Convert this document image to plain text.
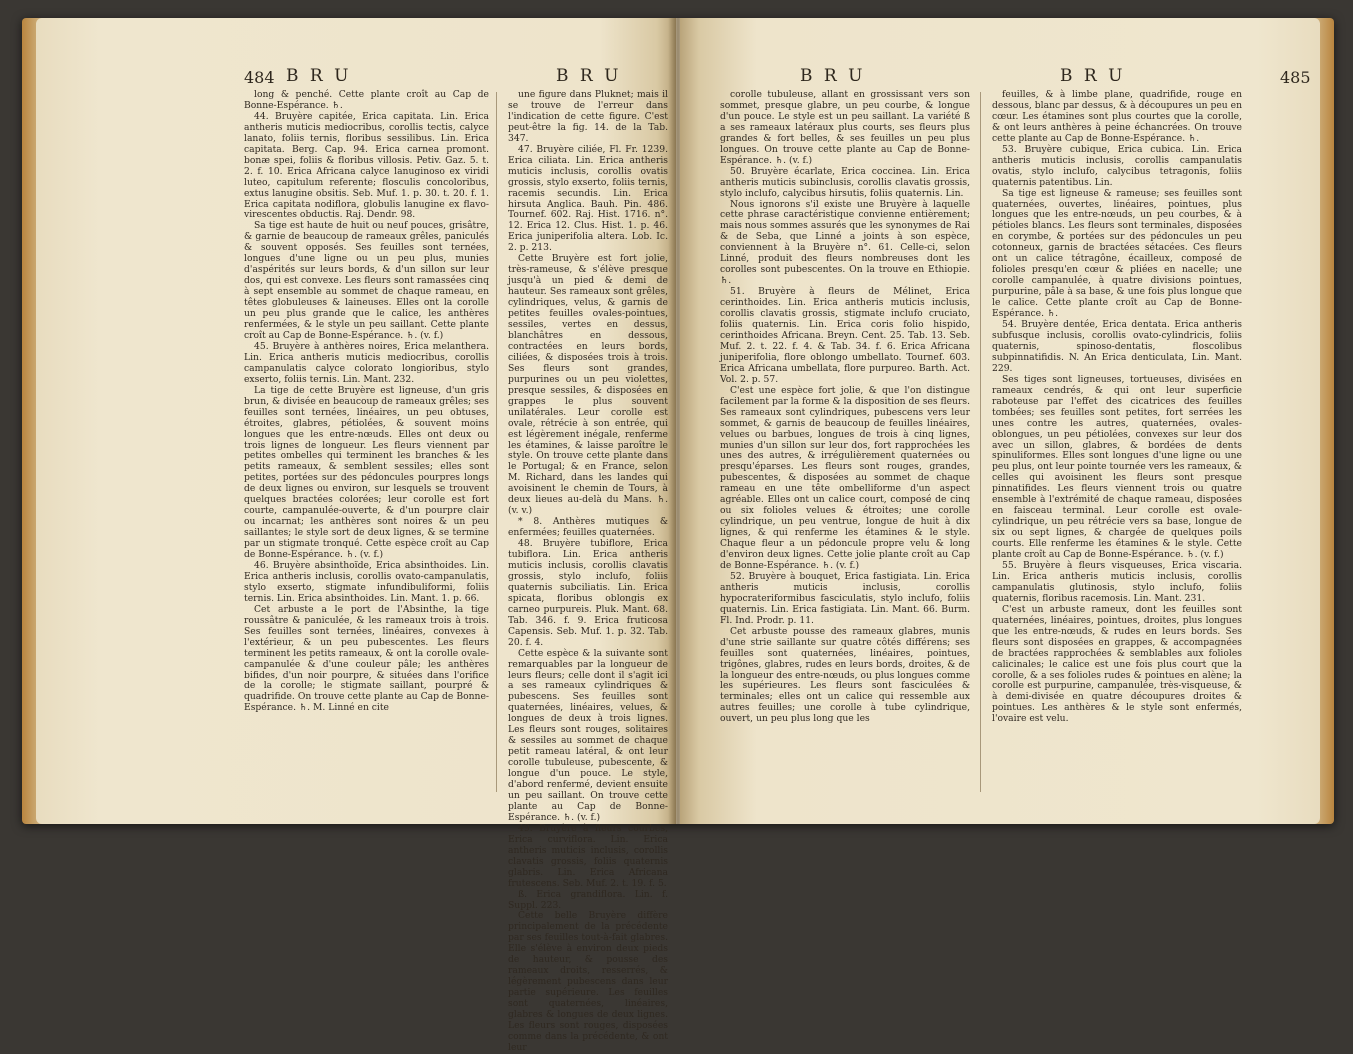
484 B R U	B R U

long & penché. Cette plante croît au Cap de Bonne-Espérance. ♄.

44. Bruyère capitée, Erica capitata. Lin. Erica antheris muticis mediocribus, corollis tectis, calyce lanato, foliis ternis, floribus sessilibus. Lin. Erica capitata. Berg. Cap. 94. Erica carnea promont. bonæ spei, foliis & floribus villosis. Petiv. Gaz. 5. t. 2. f. 10. Erica Africana calyce lanuginoso ex viridi luteo, capitulum referente; flosculis concoloribus, extus lanugine obsitis. Seb. Muf. 1. p. 30. t. 20. f. 1. Erica capitata nodiflora, globulis lanugine ex flavo-virescentes obductis. Raj. Dendr. 98.

Sa tige est haute de huit ou neuf pouces, grisâtre, & garnie de beaucoup de rameaux grêles, paniculés & souvent opposés. Ses feuilles sont ternées, longues d'une ligne ou un peu plus, munies d'aspérités sur leurs bords, & d'un sillon sur leur dos, qui est convexe. Les fleurs sont ramassées cinq à sept ensemble au sommet de chaque rameau, en têtes globuleuses & laineuses. Elles ont la corolle un peu plus grande que le calice, les anthères renfermées, & le style un peu saillant. Cette plante croît au Cap de Bonne-Espérance. ♄. (v. f.)

45. Bruyère à anthères noires, Erica melanthera. Lin. Erica antheris muticis mediocribus, corollis campanulatis calyce colorato longioribus, stylo exserto, foliis ternis. Lin. Mant. 232.

La tige de cette Bruyère est ligneuse, d'un gris brun, & divisée en beaucoup de rameaux grêles; ses feuilles sont ternées, linéaires, un peu obtuses, étroites, glabres, pétiolées, & souvent moins longues que les entre-nœuds. Elles ont deux ou trois lignes de longueur. Les fleurs viennent par petites ombelles qui terminent les branches & les petits rameaux, & semblent sessiles; elles sont petites, portées sur des pédoncules pourpres longs de deux lignes ou environ, sur lesquels se trouvent quelques bractées colorées; leur corolle est fort courte, campanulée-ouverte, & d'un pourpre clair ou incarnat; les anthères sont noires & un peu saillantes; le style sort de deux lignes, & se termine par un stigmate tronqué. Cette espèce croît au Cap de Bonne-Espérance. ♄. (v. f.)

46. Bruyère absinthoïde, Erica absinthoides. Lin. Erica antheris inclusis, corollis ovato-campanulatis, stylo exserto, stigmate infundibuliformi, foliis ternis. Lin. Erica absinthoides. Lin. Mant. 1. p. 66.

Cet arbuste a le port de l'Absinthe, la tige roussâtre & paniculée, & les rameaux trois à trois. Ses feuilles sont ternées, linéaires, convexes à l'extérieur, & un peu pubescentes. Les fleurs terminent les petits rameaux, & ont la corolle ovale-campanulée & d'une couleur pâle; les anthères bifides, d'un noir pourpre, & situées dans l'orifice de la corolle; le stigmate saillant, pourpré & quadrifide. On trouve cette plante au Cap de Bonne-Espérance. ♄. M. Linné en cite

une figure dans Pluknet; mais il se trouve de l'erreur dans l'indication de cette figure. C'est peut-être la fig. 14. de la Tab. 347.

47. Bruyère ciliée, Fl. Fr. 1239. Erica ciliata. Lin. Erica antheris muticis inclusis, corollis ovatis grossis, stylo exserto, foliis ternis, racemis secundis. Lin. Erica hirsuta Anglica. Bauh. Pin. 486. Tournef. 602. Raj. Hist. 1716. n°. 12. Erica 12. Clus. Hist. 1. p. 46. Erica juniperifolia altera. Lob. Ic. 2. p. 213.

Cette Bruyère est fort jolie, très-rameuse, & s'élève presque jusqu'à un pied & demi de hauteur. Ses rameaux sont grêles, cylindriques, velus, & garnis de petites feuilles ovales-pointues, sessiles, vertes en dessus, blanchâtres en dessous, contractées en leurs bords, ciliées, & disposées trois à trois. Ses fleurs sont grandes, purpurines ou un peu violettes, presque sessiles, & disposées en grappes le plus souvent unilatérales. Leur corolle est ovale, rétrécie à son entrée, qui est légèrement inégale, renferme les étamines, & laisse paroître le style. On trouve cette plante dans le Portugal; & en France, selon M. Richard, dans les landes qui avoisinent le chemin de Tours, à deux lieues au-delà du Mans. ♄. (v. v.)

* 8. Anthères mutiques & enfermées; feuilles quaternées.

48. Bruyère tubiflore, Erica tubiflora. Lin. Erica antheris muticis inclusis, corollis clavatis grossis, stylo inclufo, foliis quaternis subciliatis. Lin. Erica spicata, floribus oblongis ex carneo purpureis. Pluk. Mant. 68. Tab. 346. f. 9. Erica fruticosa Capensis. Seb. Muf. 1. p. 32. Tab. 20. f. 4.

Cette espèce & la suivante sont remarquables par la longueur de leurs fleurs; celle dont il s'agit ici a ses rameaux cylindriques & pubescens. Ses feuilles sont quaternées, linéaires, velues, & longues de deux à trois lignes. Les fleurs sont rouges, solitaires & sessiles au sommet de chaque petit rameau latéral, & ont leur corolle tubuleuse, pubescente, & longue d'un pouce. Le style, d'abord renfermé, devient ensuite un peu saillant. On trouve cette plante au Cap de Bonne-Espérance. ♄. (v. f.)

49. Bruyère à fleurs courbes, Erica curviflora. Lin. Erica antheris muticis inclusis, corollis clavatis grossis, foliis quaternis glabris. Lin. Erica Africana frutescens. Seb. Muf. 2. t. 19. f. 5.

ß. Erica grandiflora. Lin. f. Suppl. 223.

Cette belle Bruyère diffère principalement de la précédente par ses feuilles tout-à-fait glabres. Elle s'élève à environ deux pieds de hauteur, & pousse des rameaux droits, resserrés, & légèrement pubescens dans leur partie supérieure. Les feuilles sont quaternées, linéaires, glabres & longues de deux lignes. Les fleurs sont rouges, disposées comme dans la précédente, & ont leur

B R U	B R U	485

corolle tubuleuse, allant en grossissant vers son sommet, presque glabre, un peu courbe, & longue d'un pouce. Le style est un peu saillant. La variété ß a ses rameaux latéraux plus courts, ses fleurs plus grandes & fort belles, & ses feuilles un peu plus longues. On trouve cette plante au Cap de Bonne-Espérance. ♄. (v. f.)

50. Bruyère écarlate, Erica coccinea. Lin. Erica antheris muticis subinclusis, corollis clavatis grossis, stylo inclufo, calycibus hirsutis, foliis quaternis. Lin.

Nous ignorons s'il existe une Bruyère à laquelle cette phrase caractéristique convienne entièrement; mais nous sommes assurés que les synonymes de Rai & de Seba, que Linné a joints à son espèce, conviennent à la Bruyère n°. 61. Celle-ci, selon Linné, produit des fleurs nombreuses dont les corolles sont pubescentes. On la trouve en Ethiopie. ♄.

51. Bruyère à fleurs de Mélinet, Erica cerinthoides. Lin. Erica antheris muticis inclusis, corollis clavatis grossis, stigmate inclufo cruciato, foliis quaternis. Lin. Erica coris folio hispido, cerinthoides Africana. Breyn. Cent. 25. Tab. 13. Seb. Muf. 2. t. 22. f. 4. & Tab. 34. f. 6. Erica Africana juniperifolia, flore oblongo umbellato. Tournef. 603. Erica Africana umbellata, flore purpureo. Barth. Act. Vol. 2. p. 57.

C'est une espèce fort jolie, & que l'on distingue facilement par la forme & la disposition de ses fleurs. Ses rameaux sont cylindriques, pubescens vers leur sommet, & garnis de beaucoup de feuilles linéaires, velues ou barbues, longues de trois à cinq lignes, munies d'un sillon sur leur dos, fort rapprochées les unes des autres, & irrégulièrement quaternées ou presqu'éparses. Les fleurs sont rouges, grandes, pubescentes, & disposées au sommet de chaque rameau en une tête ombelliforme d'un aspect agréable. Elles ont un calice court, composé de cinq ou six folioles velues & étroites; une corolle cylindrique, un peu ventrue, longue de huit à dix lignes, & qui renferme les étamines & le style. Chaque fleur a un pédoncule propre velu & long d'environ deux lignes. Cette jolie plante croît au Cap de Bonne-Espérance. ♄. (v. f.)

52. Bruyère à bouquet, Erica fastigiata. Lin. Erica antheris muticis inclusis, corollis hypocrateriformibus fasciculatis, stylo inclufo, foliis quaternis. Lin. Erica fastigiata. Lin. Mant. 66. Burm. Fl. Ind. Prodr. p. 11.

Cet arbuste pousse des rameaux glabres, munis d'une strie saillante sur quatre côtés différens; ses feuilles sont quaternées, linéaires, pointues, trigônes, glabres, rudes en leurs bords, droites, & de la longueur des entre-nœuds, ou plus longues comme les supérieures. Les fleurs sont fasciculées & terminales; elles ont un calice qui ressemble aux autres feuilles; une corolle à tube cylindrique, ouvert, un peu plus long que les

feuilles, & à limbe plane, quadrifide, rouge en dessous, blanc par dessus, & à découpures un peu en cœur. Les étamines sont plus courtes que la corolle, & ont leurs anthères à peine échancrées. On trouve cette plante au Cap de Bonne-Espérance. ♄.

53. Bruyère cubique, Erica cubica. Lin. Erica antheris muticis inclusis, corollis campanulatis ovatis, stylo inclufo, calycibus tetragonis, foliis quaternis patentibus. Lin.

Sa tige est ligneuse & rameuse; ses feuilles sont quaternées, ouvertes, linéaires, pointues, plus longues que les entre-nœuds, un peu courbes, & à pétioles blancs. Les fleurs sont terminales, disposées en corymbe, & portées sur des pédoncules un peu cotonneux, garnis de bractées sétacées. Ces fleurs ont un calice tétragône, écailleux, composé de folioles presqu'en cœur & pliées en nacelle; une corolle campanulée, à quatre divisions pointues, purpurine, pâle à sa base, & une fois plus longue que le calice. Cette plante croît au Cap de Bonne-Espérance. ♄.

54. Bruyère dentée, Erica dentata. Erica antheris subfusque inclusis, corollis ovato-cylindricis, foliis quaternis, spinoso-dentatis, floscolibus subpinnatifidis. N. An Erica denticulata, Lin. Mant. 229.

Ses tiges sont ligneuses, tortueuses, divisées en rameaux cendrés, & qui ont leur superficie raboteuse par l'effet des cicatrices des feuilles tombées; ses feuilles sont petites, fort serrées les unes contre les autres, quaternées, ovales-oblongues, un peu pétiolées, convexes sur leur dos avec un sillon, glabres, & bordées de dents spinuliformes. Elles sont longues d'une ligne ou une peu plus, ont leur pointe tournée vers les rameaux, & celles qui avoisinent les fleurs sont presque pinnatifides. Les fleurs viennent trois ou quatre ensemble à l'extrémité de chaque rameau, disposées en faisceau terminal. Leur corolle est ovale-cylindrique, un peu rétrécie vers sa base, longue de six ou sept lignes, & chargée de quelques poils courts. Elle renferme les étamines & le style. Cette plante croît au Cap de Bonne-Espérance. ♄. (v. f.)

55. Bruyère à fleurs visqueuses, Erica viscaria. Lin. Erica antheris muticis inclusis, corollis campanulatis glutinosis, stylo inclufo, foliis quaternis, floribus racemosis. Lin. Mant. 231.

C'est un arbuste rameux, dont les feuilles sont quaternées, linéaires, pointues, droites, plus longues que les entre-nœuds, & rudes en leurs bords. Ses fleurs sont disposées en grappes, & accompagnées de bractées rapprochées & semblables aux folioles calicinales; le calice est une fois plus court que la corolle, & a ses folioles rudes & pointues en alène; la corolle est purpurine, campanulée, très-visqueuse, & à demi-divisée en quatre découpures droites & pointues. Les anthères & le style sont enfermés, l'ovaire est velu.
